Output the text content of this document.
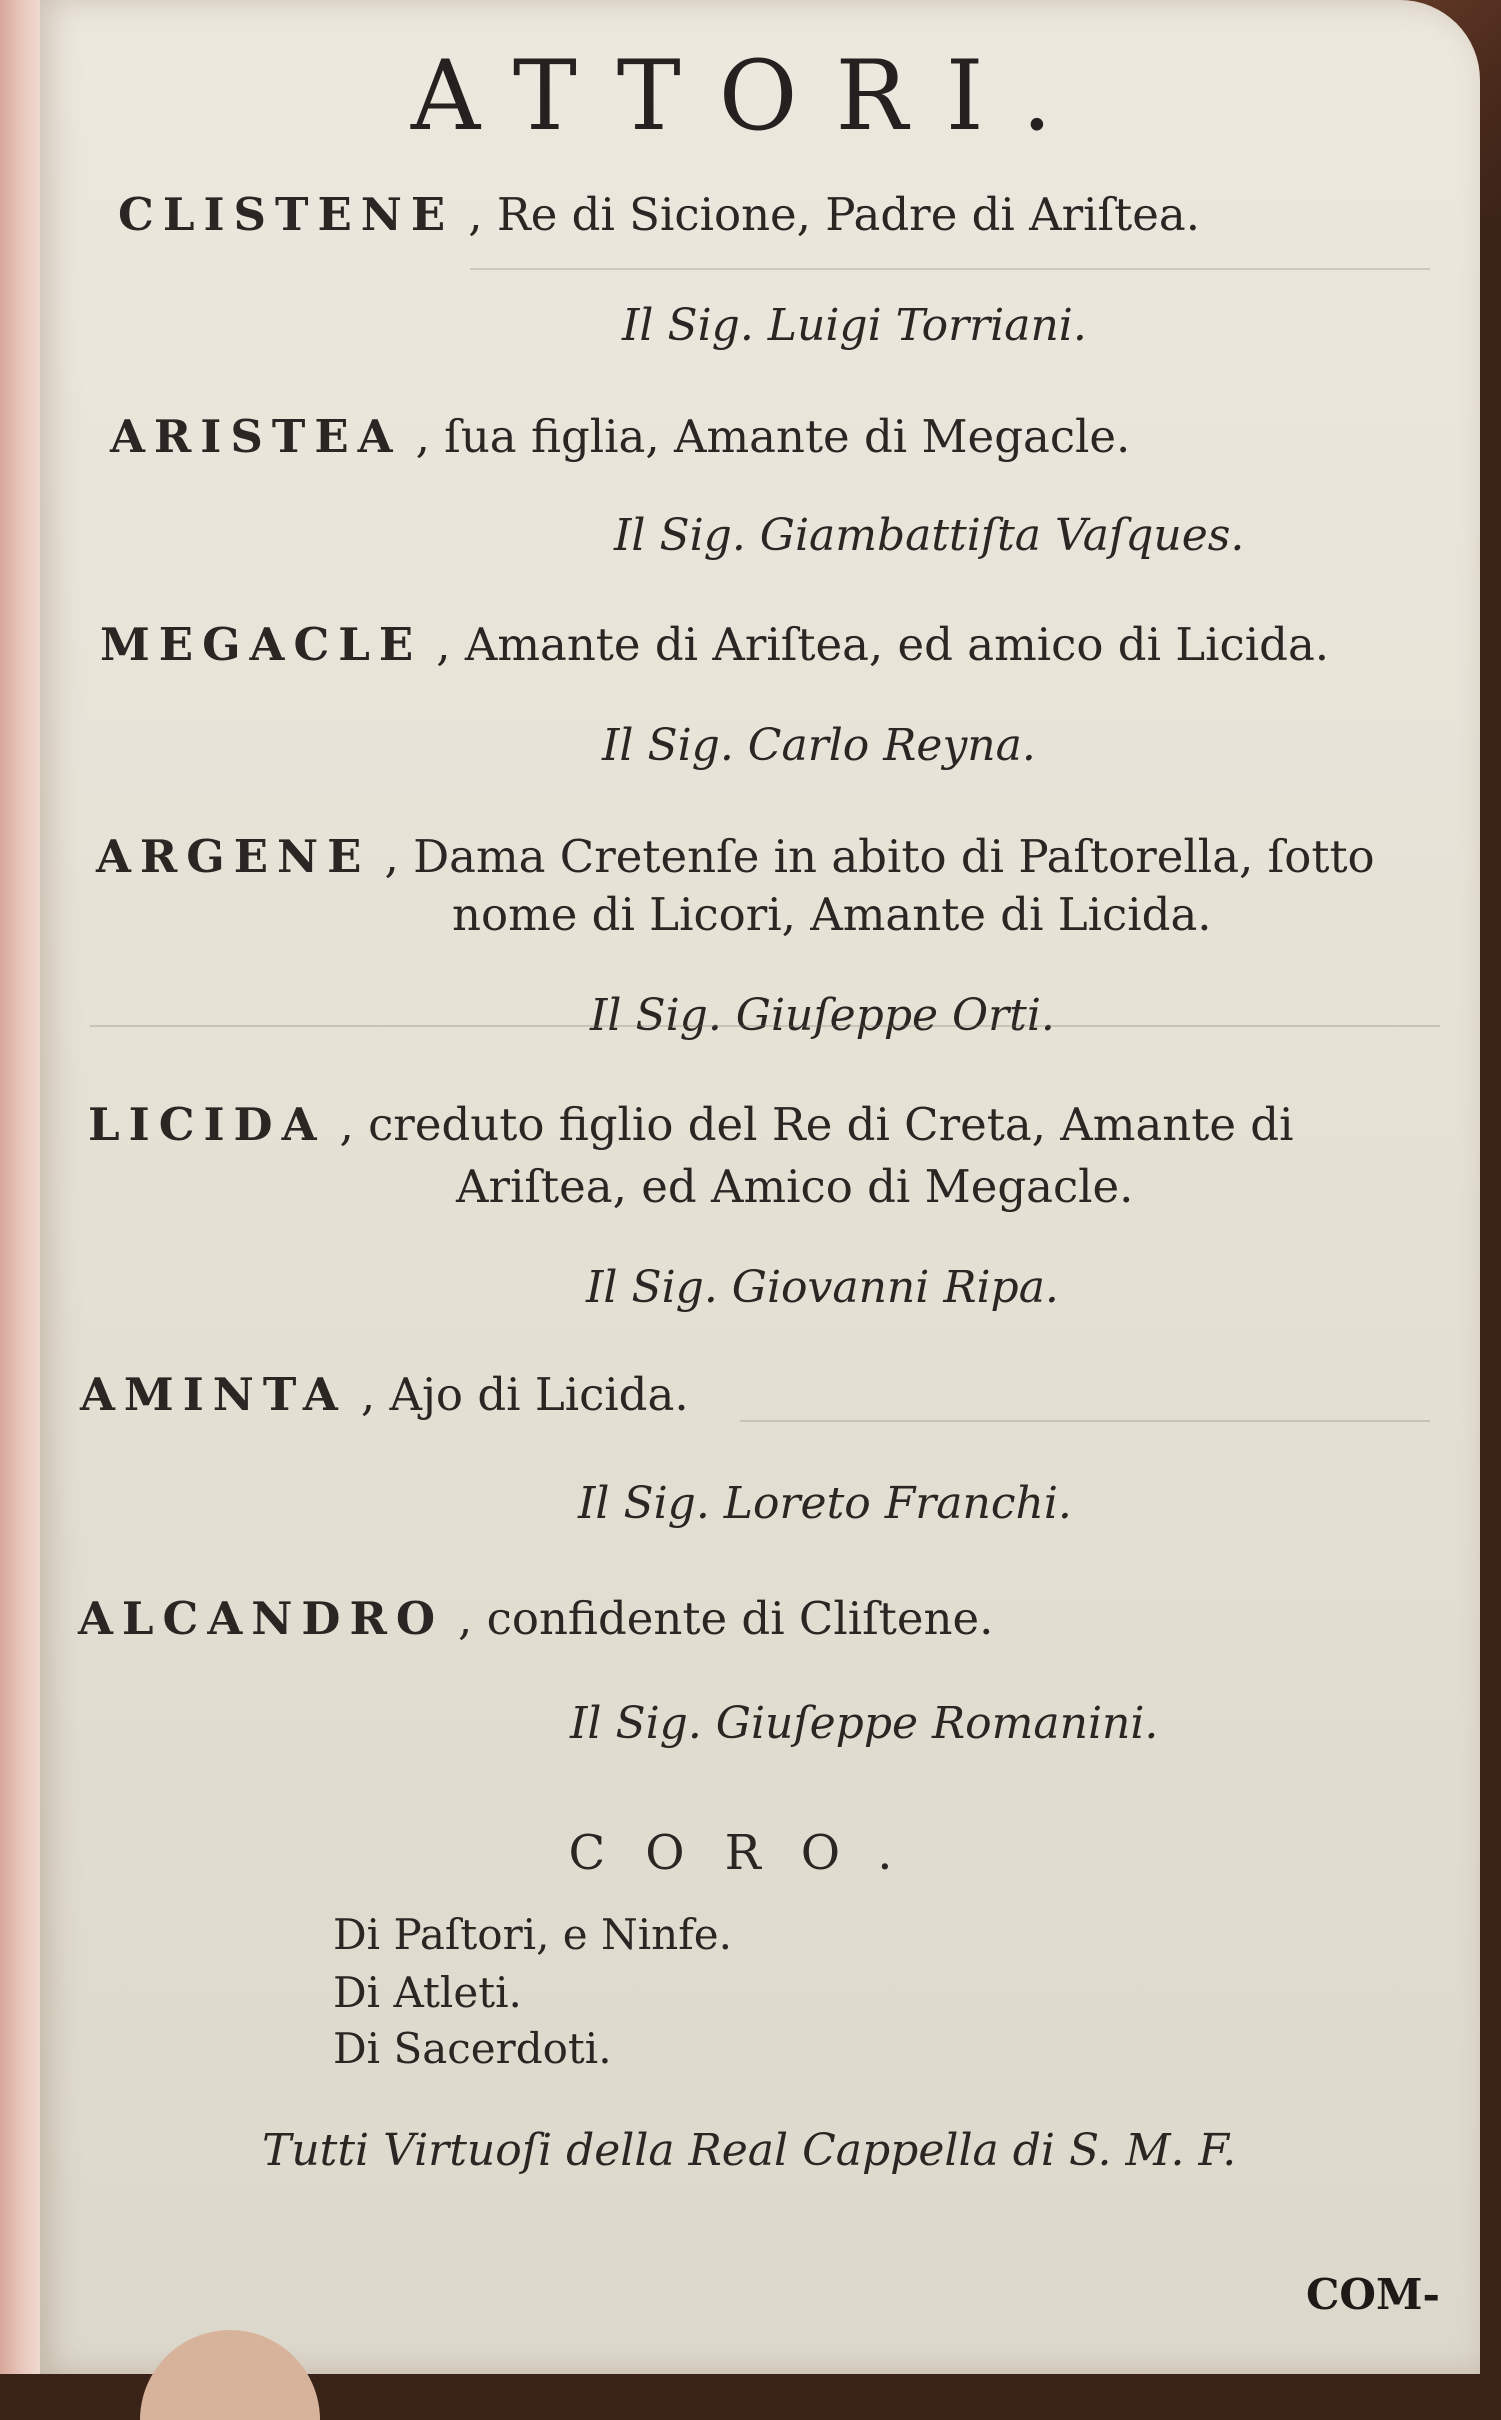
ATTORI.
CLISTENE , Re di Sicione, Padre di Ariſtea.
Il Sig. Luigi Torriani.
ARISTEA , ſua figlia, Amante di Megacle.
Il Sig. Giambattiſta Vaſques.
MEGACLE , Amante di Ariſtea, ed amico di Licida.
Il Sig. Carlo Reyna.
ARGENE , Dama Cretenſe in abito di Paſtorella, ſotto
nome di Licori, Amante di Licida.
Il Sig. Giuſeppe Orti.
LICIDA , creduto figlio del Re di Creta, Amante di
Ariſtea, ed Amico di Megacle.
Il Sig. Giovanni Ripa.
AMINTA , Ajo di Licida.
Il Sig. Loreto Franchi.
ALCANDRO , confidente di Cliſtene.
Il Sig. Giuſeppe Romanini.
CORO.
Di Paſtori, e Ninfe.
Di Atleti.
Di Sacerdoti.
Tutti Virtuoſi della Real Cappella di S. M. F.
COM-
